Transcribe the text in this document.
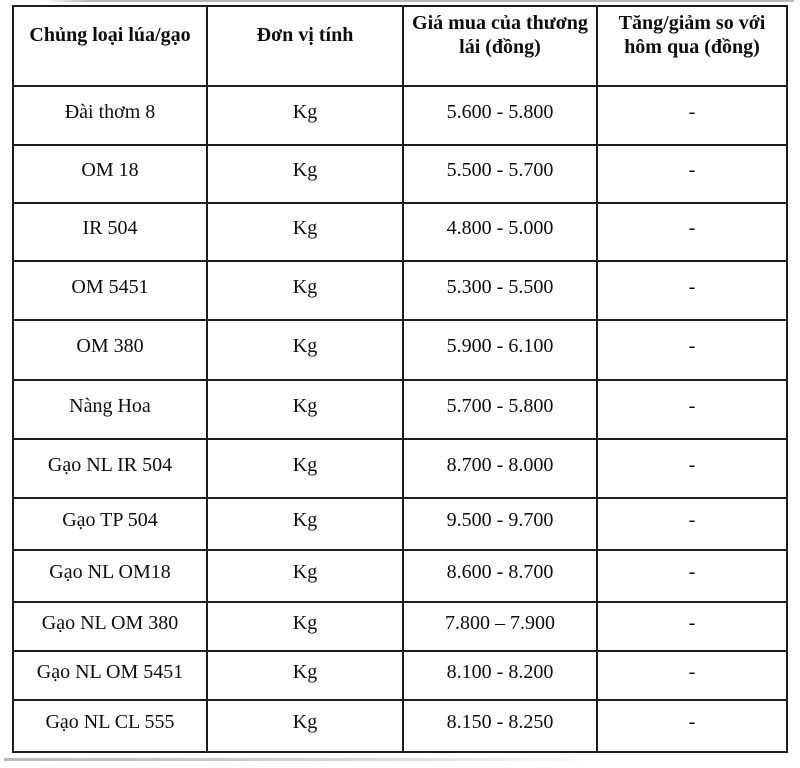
Chủng loại lúa/gạo	Đơn vị tính	Giá mua của thương lái (đồng)	Tăng/giảm so với hôm qua (đồng)
Đài thơm 8	Kg	5.600 - 5.800	-
OM 18	Kg	5.500 - 5.700	-
IR 504	Kg	4.800 - 5.000	-
OM 5451	Kg	5.300 - 5.500	-
OM 380	Kg	5.900 - 6.100	-
Nàng Hoa	Kg	5.700 - 5.800	-
Gạo NL IR 504	Kg	8.700 - 8.000	-
Gạo TP 504	Kg	9.500 - 9.700	-
Gạo NL OM18	Kg	8.600 - 8.700	-
Gạo NL OM 380	Kg	7.800 – 7.900	-
Gạo NL OM 5451	Kg	8.100 - 8.200	-
Gạo NL CL 555	Kg	8.150 - 8.250	-
